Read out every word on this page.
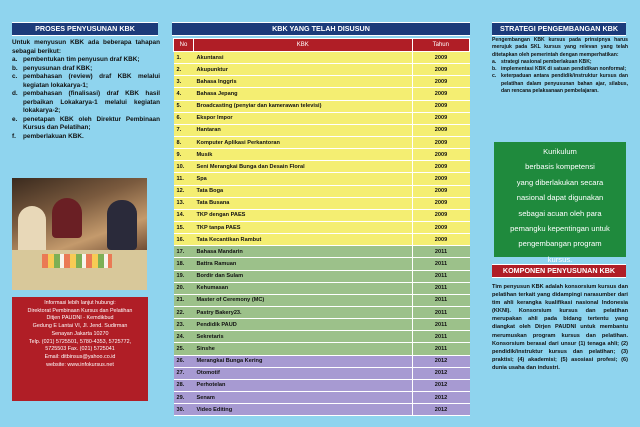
PROSES PENYUSUNAN KBK
Untuk menyusun KBK ada beberapa tahapan sebagai berikut:
a. pembentukan tim penyusun draf KBK;
b. penyusunan draf KBK;
c. pembahasan (review) draf KBK melalui kegiatan lokakarya-1;
d. pembahasan (finalisasi) draf KBK hasil perbaikan Lokakarya-1 melalui kegiatan lokakarya-2;
e. penetapan KBK oleh Direktur Pembinaan Kursus dan Pelatihan;
f.	pemberlakuan KBK.
Informasi lebih lanjut hubungi:
Direktorat Pembinaan Kursus dan Pelatihan
Ditjen PAUDNI - Kemdikbud
Gedung E Lantai VI, Jl. Jend. Sudirman
Senayan Jakarta 10270
Telp. (021) 5725501, 5780-4353, 5725772,
5725503 Fax. (021) 5725041
Email: ditbinsus@yahoo.co.id
website: www.infokursus.net
KBK YANG TELAH DISUSUN
No	KBK	Tahun
1.	Akuntansi	2009
2.	Akupunktur	2009
3.	Bahasa Inggris	2009
4.	Bahasa Jepang	2009
5.	Broadcasting (penyiar dan kamerawan televisi)	2009
6.	Ekspor Impor	2009
7.	Hantaran	2009
8.	Komputer Aplikasi Perkantoran	2009
9.	Musik	2009
10.	Seni Merangkai Bunga dan Desain Floral	2009
11.	Spa	2009
12.	Tata Boga	2009
13.	Tata Busana	2009
14.	TKP dengan PAES	2009
15.	TKP tanpa PAES	2009
16.	Tata Kecantikan Rambut	2009
17.	Bahasa Mandarin	2011
18.	Battra Ramuan	2011
19.	Bordir dan Sulam	2011
20.	Kehumasan	2011
21.	Master of Ceremony (MC)	2011
22.	Pastry Bakery23.	2011
23.	Pendidik PAUD	2011
24.	Sekretaris	2011
25.	Sinshe	2011
26.	Merangkai Bunga Kering	2012
27.	Otomotif	2012
28.	Perhotelan	2012
29.	Senam	2012
30.	Video Editing	2012
STRATEGI PENGEMBANGAN KBK
Pengembangan KBK kursus pada prinsipnya harus merujuk pada SKL kursus yang relevan yang telah ditetapkan oleh pemerintah dengan memperhatikan:
a. strategi nasional pemberlakuan KBK;
b. implementasi KBK di satuan pendidikan nonformal;
c. keterpaduan antara pendidik/instruktur kursus dan pelatihan dalam penyusunan bahan ajar, silabus, dan rencana pelaksanaan pembelajaran.
Kurikulum
berbasis kompetensi
yang diberlakukan secara
nasional dapat digunakan
sebagai acuan oleh para
pemangku kepentingan untuk
pengembangan program
kursus.
KOMPONEN PENYUSUNAN KBK
Tim penyusun KBK adalah konsorsium kursus dan pelatihan terkait yang didampingi narasumber dari tim ahli kerangka kualifikasi nasional Indonesia (KKNI). Konsorsium kursus dan pelatihan merupakan ahli pada bidang tertentu yang diangkat oleh Dirjen PAUDNI untuk membantu merumuskan program kursus dan pelatihan. Konsorsium berasal dari unsur (1) tenaga ahli; (2) pendidik/instruktur kursus dan pelatihan; (3) praktisi; (4) akademisi; (5) asosiasi profesi; (6) dunia usaha dan industri.
